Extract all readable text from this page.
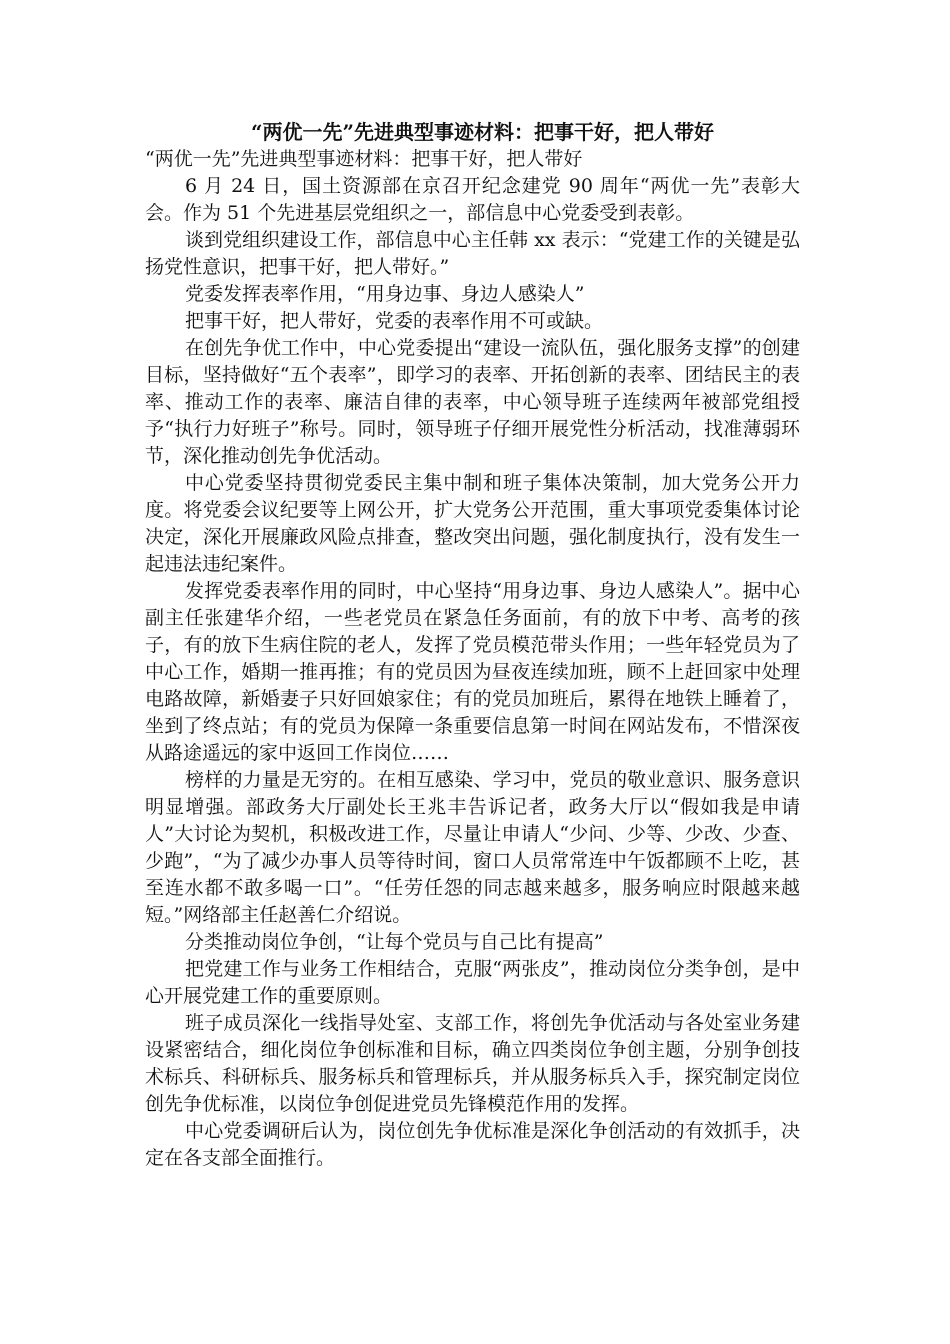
“两优一先”先进典型事迹材料：把事干好，把人带好

“两优一先”先进典型事迹材料：把事干好，把人带好

6 月 24 日，国土资源部在京召开纪念建党 90 周年“两优一先”表彰大会。作为 51 个先进基层党组织之一，部信息中心党委受到表彰。

谈到党组织建设工作，部信息中心主任韩 xx 表示：“党建工作的关键是弘扬党性意识，把事干好，把人带好。”

党委发挥表率作用，“用身边事、身边人感染人”

把事干好，把人带好，党委的表率作用不可或缺。

在创先争优工作中，中心党委提出“建设一流队伍，强化服务支撑”的创建目标，坚持做好“五个表率”，即学习的表率、开拓创新的表率、团结民主的表率、推动工作的表率、廉洁自律的表率，中心领导班子连续两年被部党组授予“执行力好班子”称号。同时，领导班子仔细开展党性分析活动，找准薄弱环节，深化推动创先争优活动。

中心党委坚持贯彻党委民主集中制和班子集体决策制，加大党务公开力度。将党委会议纪要等上网公开，扩大党务公开范围，重大事项党委集体讨论决定，深化开展廉政风险点排查，整改突出问题，强化制度执行，没有发生一起违法违纪案件。

发挥党委表率作用的同时，中心坚持“用身边事、身边人感染人”。据中心副主任张建华介绍，一些老党员在紧急任务面前，有的放下中考、高考的孩子，有的放下生病住院的老人，发挥了党员模范带头作用；一些年轻党员为了中心工作，婚期一推再推；有的党员因为昼夜连续加班，顾不上赶回家中处理电路故障，新婚妻子只好回娘家住；有的党员加班后，累得在地铁上睡着了，坐到了终点站；有的党员为保障一条重要信息第一时间在网站发布，不惜深夜从路途遥远的家中返回工作岗位……

榜样的力量是无穷的。在相互感染、学习中，党员的敬业意识、服务意识明显增强。部政务大厅副处长王兆丰告诉记者，政务大厅以“假如我是申请人”大讨论为契机，积极改进工作，尽量让申请人“少问、少等、少改、少查、少跑”，“为了减少办事人员等待时间，窗口人员常常连中午饭都顾不上吃，甚至连水都不敢多喝一口”。“任劳任怨的同志越来越多，服务响应时限越来越短。”网络部主任赵善仁介绍说。

分类推动岗位争创，“让每个党员与自己比有提高”

把党建工作与业务工作相结合，克服“两张皮”，推动岗位分类争创，是中心开展党建工作的重要原则。

班子成员深化一线指导处室、支部工作，将创先争优活动与各处室业务建设紧密结合，细化岗位争创标准和目标，确立四类岗位争创主题，分别争创技术标兵、科研标兵、服务标兵和管理标兵，并从服务标兵入手，探究制定岗位创先争优标准，以岗位争创促进党员先锋模范作用的发挥。

中心党委调研后认为，岗位创先争优标准是深化争创活动的有效抓手，决定在各支部全面推行。
